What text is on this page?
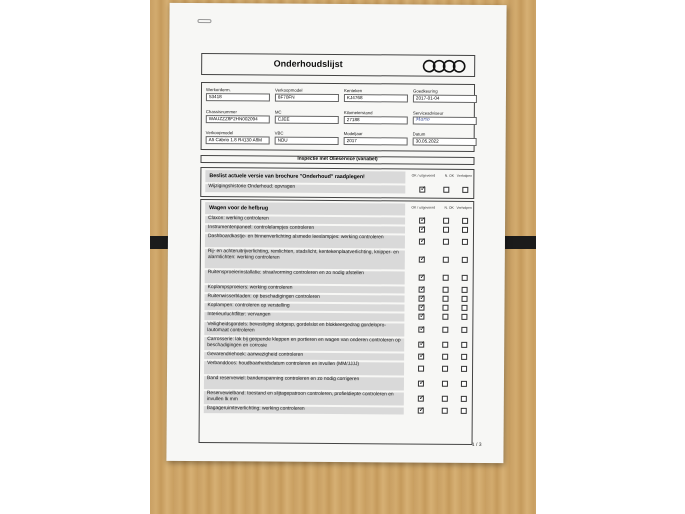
Onderhoudslijst
Werkorderm.
53418
Verkoopmodel
8F70FN
Kenteken
KJ4768
Goedkeuring
2017-01-04
Chassisnummer
WAUZZZ8F2HN002094
MC
CJEE
Kilometerstand
27188
Serviceadviseur
Mario
Verkoopmodel
A5 Cabrio 1.8 R4130 A8M
VBC
NDU
Modeljaar
2017
Datum
30.05.2022
Inspectie met Olieservice (variabel)
Beslist actuele versie van brochure "Onderhoud" raadplegen!	OK / uitgevoerd	N. OK Verholpen
Wijzigingshistorie Onderhoud: opvragen
✓
Wagen voor de hefbrug	OK / uitgevoerd	N. OK Verholpen
Claxon: werking controleren
✓
Instrumentenpaneel: controlelampjes controleren
✓
Dashboardkastje- en binnenverlichting alsmede leeslampjes: werking controleren
✓
Rij- en achteruitrijverlichting, remlichten, stadslicht, kentekenplaatverlichting, knipper- en alarmlichten: werking controleren
✓
Ruitensproeierinstallatie: straalvorming controleren en zo nodig afstellen
✓
Koplampsproeiers: werking controleren
✓
Ruitenwisserbladen: op beschadigingen controleren
✓
Koplampen: controleren op verstelling
✓
Interieurluchtfilter: vervangen
✓
Veiligheidsgordels: bevestiging slotgesp, gordelslot en blokkeergedrag gordeloprolautomaat controleren
✓
Carrosserie: lak bij geopende kleppen en portieren en wagen van onderen controleren op beschadigingen en corrosie
✓
Gevarendriehoek: aanwezigheid controleren
✓
Verbanddoos: houdbaarheidsdatum controleren en invullen (MM/JJJJ)
Band reservewiel: bandenspanning controleren en zo nodig corrigeren
✓
Reservewielband: toestand en slijtagepatroon controleren, profieldiepte controleren en invullen lk mm
✓
Bagageruimteverlichting: werking controleren
✓
1 / 3
